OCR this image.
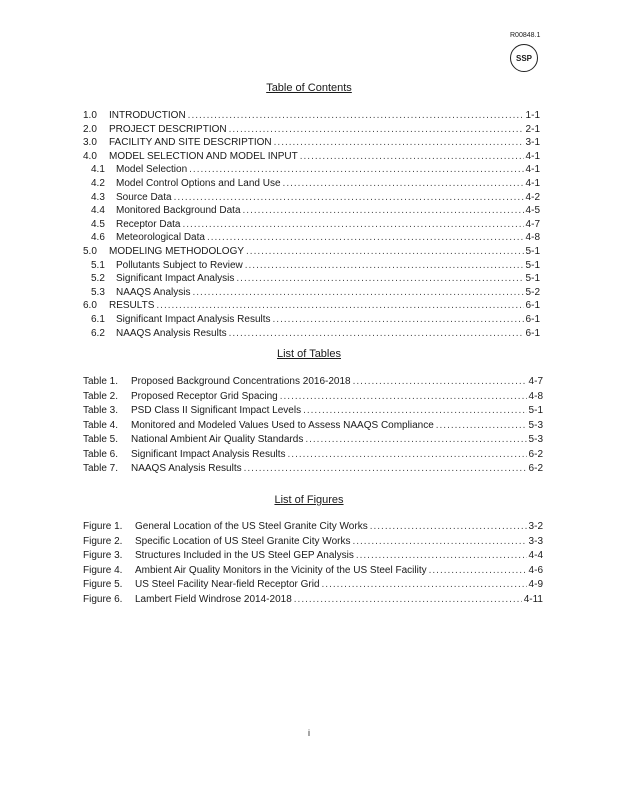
R00848.1
SSP
Table of Contents
1.0	INTRODUCTION .....	1-1
2.0	PROJECT DESCRIPTION .....	2-1
3.0	FACILITY AND SITE DESCRIPTION .....	3-1
4.0	MODEL SELECTION AND MODEL INPUT .....	4-1
4.1	Model Selection .....	4-1
4.2	Model Control Options and Land Use .....	4-1
4.3	Source Data .....	4-2
4.4	Monitored Background Data .....	4-5
4.5	Receptor Data .....	4-7
4.6	Meteorological Data .....	4-8
5.0	MODELING METHODOLOGY .....	5-1
5.1	Pollutants Subject to Review .....	5-1
5.2	Significant Impact Analysis .....	5-1
5.3	NAAQS Analysis .....	5-2
6.0	RESULTS .....	6-1
6.1	Significant Impact Analysis Results .....	6-1
6.2	NAAQS Analysis Results .....	6-1
List of Tables
Table 1.	Proposed Background Concentrations 2016-2018 .....	4-7
Table 2.	Proposed Receptor Grid Spacing .....	4-8
Table 3.	PSD Class II Significant Impact Levels .....	5-1
Table 4.	Monitored and Modeled Values Used to Assess NAAQS Compliance .....	5-3
Table 5.	National Ambient Air Quality Standards .....	5-3
Table 6.	Significant Impact Analysis Results .....	6-2
Table 7.	NAAQS Analysis Results .....	6-2
List of Figures
Figure 1.	General Location of the US Steel Granite City Works .....	3-2
Figure 2.	Specific Location of US Steel Granite City Works .....	3-3
Figure 3.	Structures Included in the US Steel GEP Analysis .....	4-4
Figure 4.	Ambient Air Quality Monitors in the Vicinity of the US Steel Facility .....	4-6
Figure 5.	US Steel Facility Near-field Receptor Grid .....	4-9
Figure 6.	Lambert Field Windrose 2014-2018 .....	4-11
i
